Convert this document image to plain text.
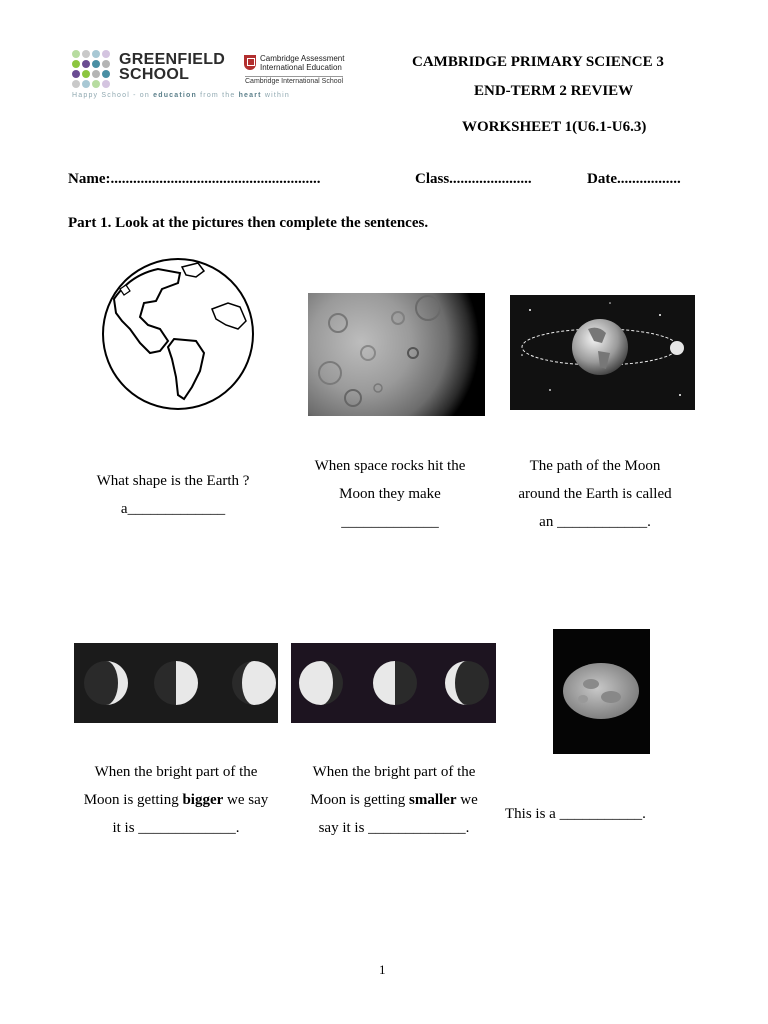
GREENFIELD
SCHOOL
Happy School - on education from the heart within
Cambridge Assessment
International Education
Cambridge International School
CAMBRIDGE PRIMARY SCIENCE 3
END-TERM 2 REVIEW
WORKSHEET 1(U6.1-U6.3)
Name:........................................................	Class......................	Date.................
Part 1. Look at the pictures then complete the sentences.
What shape is the Earth ?
a_____________
When space rocks hit the
Moon they make
_____________
The path of the Moon
around the Earth is called
an ____________.
When the bright part of the
Moon is getting bigger we say
it is _____________.
When the bright part of the
Moon is getting smaller we
say it is _____________.
This is a ___________.
1
